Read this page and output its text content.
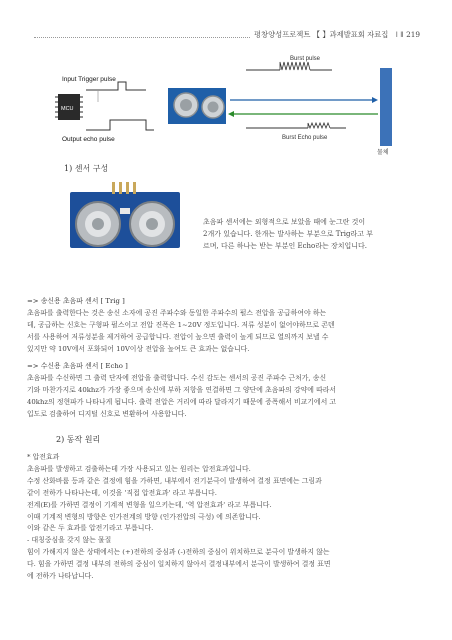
평창양성프로젝트 【 】과제발표회 자료집 ǀ ǁ 219
Input Trigger pulse
Output echo pulse
MCU
Burst pulse
Burst Echo pulse
물체
1) 센서 구성
초음파 센서에는 외형적으로 보았을 때에 눈그란 것이
2개가 있습니다. 한개는 발사하는 부분으로 Trig라고 부
르며, 다른 하나는 받는 부분인 Echo라는 장치입니다.
=> 송신용 초음파 센서 [ Trig ]
초음파를 출력한다는 것은 송신 소자에 공진 주파수와 동일한 주파수의 펄스 전압을 공급하여야 하는
데, 공급하는 신호는 구형파 펄스이고 전압 진폭은 1~20V 정도입니다. 저류 성분이 없어야하므로 콘덴
서를 사용하여 저류성분을 제거하여 공급합니다. 전압이 높으면 출력이 높게 되므로 열의까지 보낼 수
있지만 약 10V에서 포화되어 10V이상 전압을 높여도 큰 효과는 없습니다.
=> 수신용 초음파 센서 [ Echo ]
초음파를 수신하면 그 출력 단자에 전압을 출력합니다. 수신 감도는 센서의 공진 주파수 근처가, 송신
기와 마찬가지로 40khz가 가장 좋으며 송신에 부하 저항을 연결하면 그 양단에 초음파의 강약에 따라서
40khz의 정현파가 나타나게 됩니다. 출력 전압은 거리에 따라 달라지기 때문에 증폭해서 비교기에서 고
입도로 검출하여 디지털 신호로 변환하여 사용합니다.
2) 동작 원리
* 압전효과
초음파를 발생하고 검출하는데 가장 사용되고 있는 원리는 압전효과입니다.
수정 산화바륨 등과 같은 결정에 힘을 가하면, 내부에서 전기분극이 발생하여 결정 표면에는 그림과
같이 전하가 나타나는데, 이것을 '직접 압전효과' 라고 부릅니다.
전계(E)를 가하면 결정이 기계적 변형을 일으키는데, '역 압전효과' 라고 부릅니다.
이때 기계적 변형의 방향은 인가전계의 방향 (인가전압의 극성) 에 의존합니다.
이와 같은 두 효과를 압전기라고 부릅니다.
- 대칭중심을 갖지 않는 물질
힘이 가해지지 않은 상태에서는 (+)전하의 중심과 (-)전하의 중심이 위치하므로 분극이 발생하지 않는
다. 힘을 가하면 결정 내부의 전하의 중심이 일치하지 않아서 결정내부에서 분극이 발생하여 결정 표면
에 전하가 나타납니다.
